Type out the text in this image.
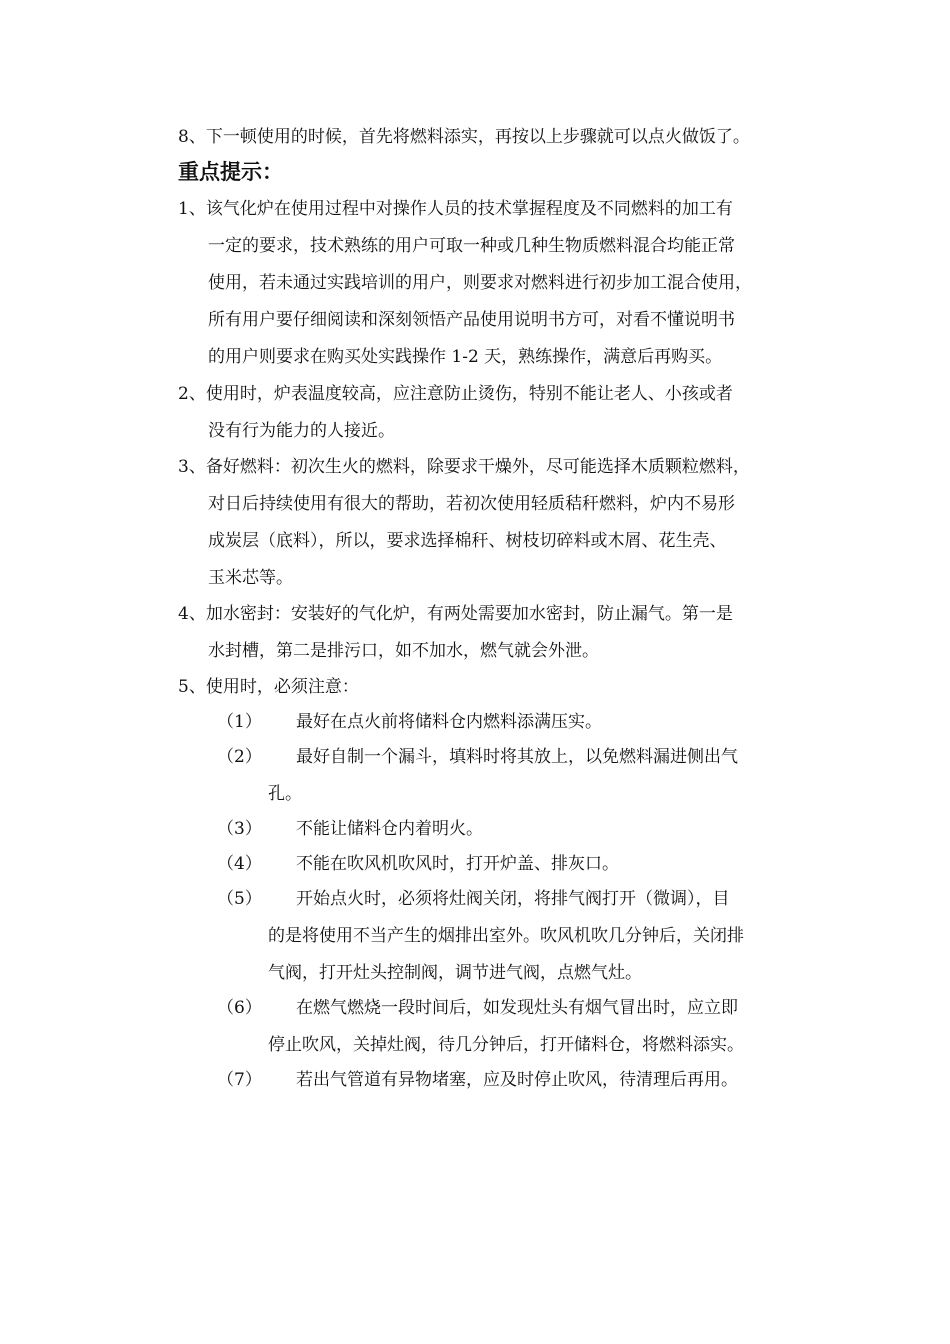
8、下一顿使用的时候，首先将燃料添实，再按以上步骤就可以点火做饭了。
重点提示：
1、该气化炉在使用过程中对操作人员的技术掌握程度及不同燃料的加工有
一定的要求，技术熟练的用户可取一种或几种生物质燃料混合均能正常
使用，若未通过实践培训的用户，则要求对燃料进行初步加工混合使用，
所有用户要仔细阅读和深刻领悟产品使用说明书方可，对看不懂说明书
的用户则要求在购买处实践操作 1-2 天，熟练操作，满意后再购买。
2、使用时，炉表温度较高，应注意防止烫伤，特别不能让老人、小孩或者
没有行为能力的人接近。
3、备好燃料：初次生火的燃料，除要求干燥外，尽可能选择木质颗粒燃料，
对日后持续使用有很大的帮助，若初次使用轻质秸秆燃料，炉内不易形
成炭层（底料），所以，要求选择棉秆、树枝切碎料或木屑、花生壳、
玉米芯等。
4、加水密封：安装好的气化炉，有两处需要加水密封，防止漏气。第一是
水封槽，第二是排污口，如不加水，燃气就会外泄。
5、使用时，必须注意：
（1） 最好在点火前将储料仓内燃料添满压实。
（2） 最好自制一个漏斗，填料时将其放上，以免燃料漏进侧出气
孔。
（3） 不能让储料仓内着明火。
（4） 不能在吹风机吹风时，打开炉盖、排灰口。
（5） 开始点火时，必须将灶阀关闭，将排气阀打开（微调），目
的是将使用不当产生的烟排出室外。吹风机吹几分钟后，关闭排
气阀，打开灶头控制阀，调节进气阀，点燃气灶。
（6） 在燃气燃烧一段时间后，如发现灶头有烟气冒出时，应立即
停止吹风，关掉灶阀，待几分钟后，打开储料仓，将燃料添实。
（7） 若出气管道有异物堵塞，应及时停止吹风，待清理后再用。
